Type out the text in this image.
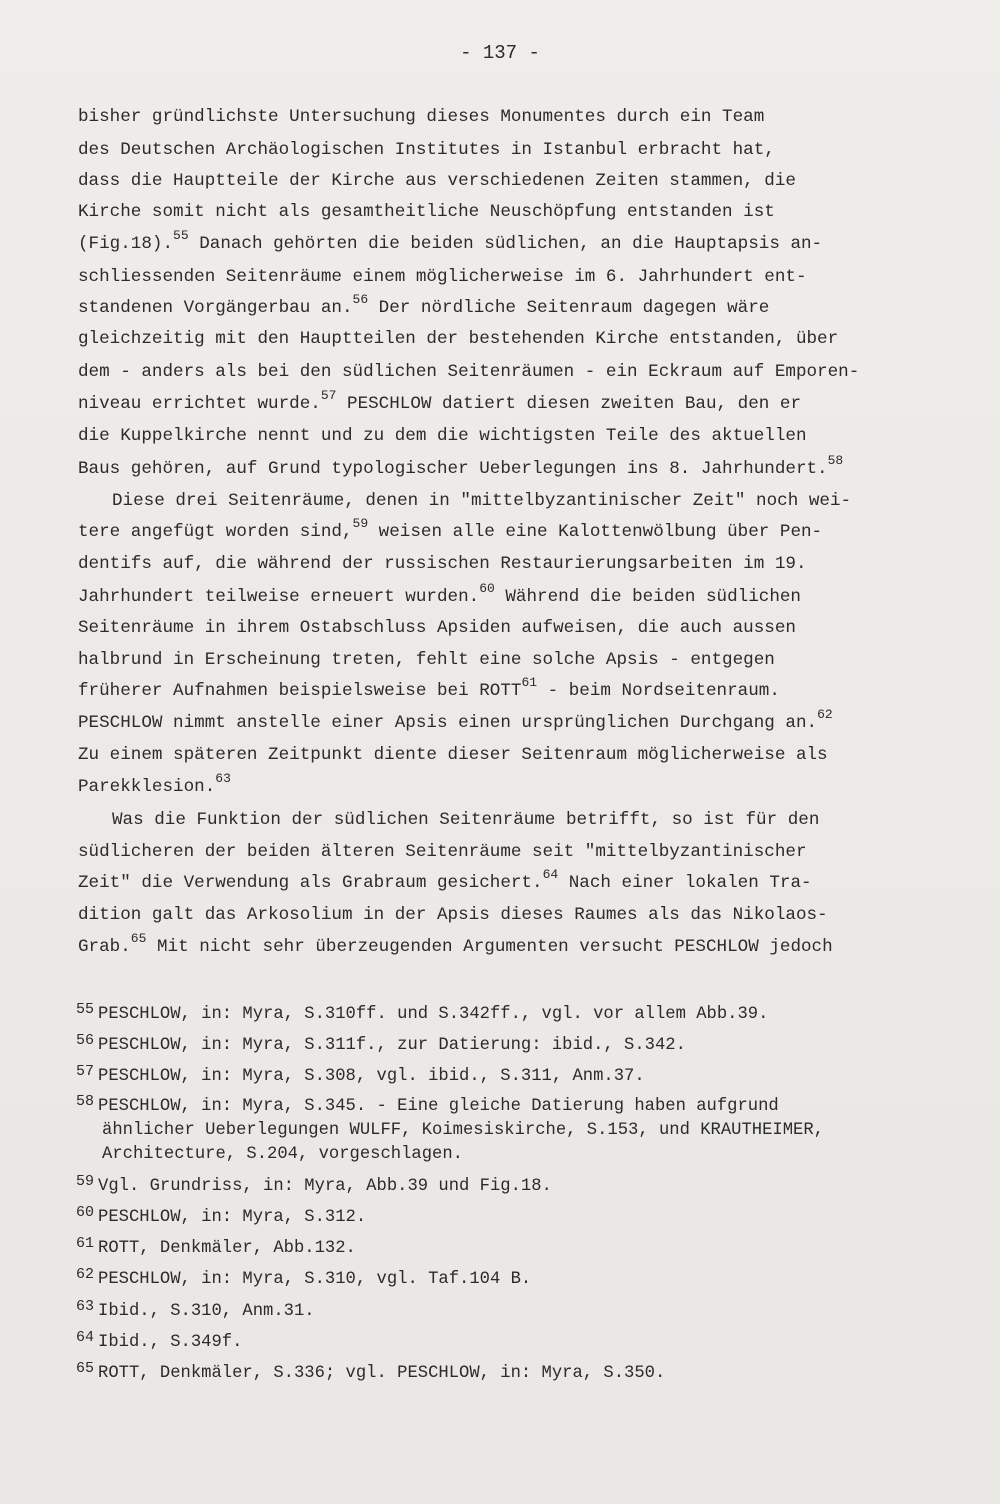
- 137 -
bisher gründlichste Untersuchung dieses Monumentes durch ein Team
des Deutschen Archäologischen Institutes in Istanbul erbracht hat,
dass die Hauptteile der Kirche aus verschiedenen Zeiten stammen, die
Kirche somit nicht als gesamtheitliche Neuschöpfung entstanden ist
(Fig.18).$^{55}$ Danach gehörten die beiden südlichen, an die Hauptapsis an-
schliessenden Seitenräume einem möglicherweise im 6. Jahrhundert ent-
standenen Vorgängerbau an.$^{56}$ Der nördliche Seitenraum dagegen wäre
gleichzeitig mit den Hauptteilen der bestehenden Kirche entstanden, über
dem - anders als bei den südlichen Seitenräumen - ein Eckraum auf Emporen-
niveau errichtet wurde.$^{57}$ PESCHLOW datiert diesen zweiten Bau, den er
die Kuppelkirche nennt und zu dem die wichtigsten Teile des aktuellen
Baus gehören, auf Grund typologischer Ueberlegungen ins 8. Jahrhundert.$^{58}$
Diese drei Seitenräume, denen in "mittelbyzantinischer Zeit" noch wei-
tere angefügt worden sind,$^{59}$ weisen alle eine Kalottenwölbung über Pen-
dentifs auf, die während der russischen Restaurierungsarbeiten im 19.
Jahrhundert teilweise erneuert wurden.$^{60}$ Während die beiden südlichen
Seitenräume in ihrem Ostabschluss Apsiden aufweisen, die auch aussen
halbrund in Erscheinung treten, fehlt eine solche Apsis - entgegen
früherer Aufnahmen beispielsweise bei ROTT$^{61}$ - beim Nordseitenraum.
PESCHLOW nimmt anstelle einer Apsis einen ursprünglichen Durchgang an.$^{62}$
Zu einem späteren Zeitpunkt diente dieser Seitenraum möglicherweise als
Parekklesion.$^{63}$
Was die Funktion der südlichen Seitenräume betrifft, so ist für den
südlicheren der beiden älteren Seitenräume seit "mittelbyzantinischer
Zeit" die Verwendung als Grabraum gesichert.$^{64}$ Nach einer lokalen Tra-
dition galt das Arkosolium in der Apsis dieses Raumes als das Nikolaos-
Grab.$^{65}$ Mit nicht sehr überzeugenden Argumenten versucht PESCHLOW jedoch
55 PESCHLOW, in: Myra, S.310ff. und S.342ff., vgl. vor allem Abb.39.
56 PESCHLOW, in: Myra, S.311f., zur Datierung: ibid., S.342.
57 PESCHLOW, in: Myra, S.308, vgl. ibid., S.311, Anm.37.
58 PESCHLOW, in: Myra, S.345. - Eine gleiche Datierung haben aufgrund
ähnlicher Ueberlegungen WULFF, Koimesiskirche, S.153, und KRAUTHEIMER,
Architecture, S.204, vorgeschlagen.
59 Vgl. Grundriss, in: Myra, Abb.39 und Fig.18.
60 PESCHLOW, in: Myra, S.312.
61 ROTT, Denkmäler, Abb.132.
62 PESCHLOW, in: Myra, S.310, vgl. Taf.104 B.
63 Ibid., S.310, Anm.31.
64 Ibid., S.349f.
65 ROTT, Denkmäler, S.336; vgl. PESCHLOW, in: Myra, S.350.
